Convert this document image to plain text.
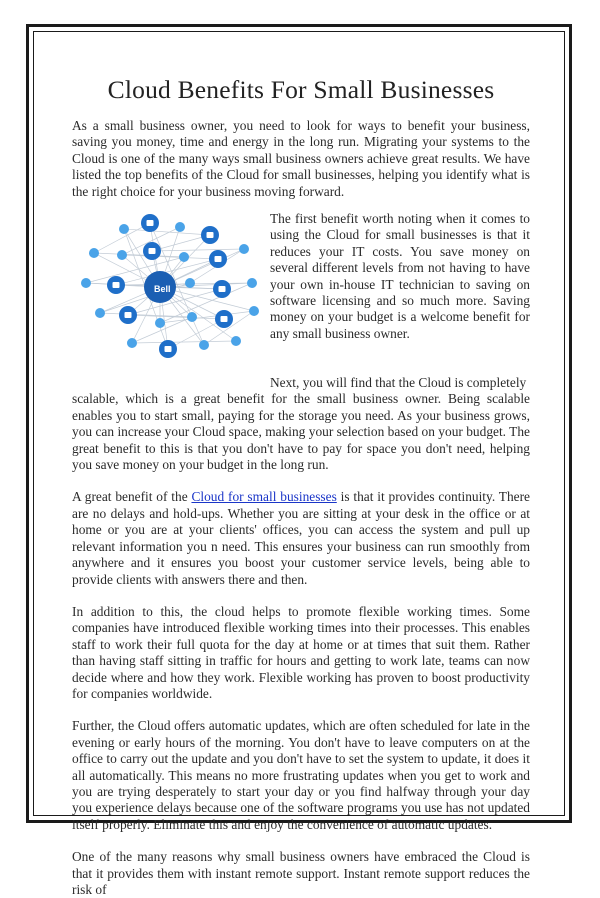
Cloud Benefits For Small Businesses

As a small business owner, you need to look for ways to benefit your business, saving you money, time and energy in the long run. Migrating your systems to the Cloud is one of the many ways small business owners achieve great results. We have listed the top benefits of the Cloud for small businesses, helping you identify what is the right choice for your business moving forward.

Bell

The first benefit worth noting when it comes to using the Cloud for small businesses is that it reduces your IT costs. You save money on several different levels from not having to have your own in-house IT technician to saving on software licensing and so much more. Saving money on your budget is a welcome benefit for any small business owner.

Next, you will find that the Cloud is completely
scalable, which is a great benefit for the small business owner. Being scalable enables you to start small, paying for the storage you need. As your business grows, you can increase your Cloud space, making your selection based on your budget. The great benefit to this is that you don't have to pay for space you don't need, helping you save money on your budget in the long run.

A great benefit of the Cloud for small businesses is that it provides continuity. There are no delays and hold-ups. Whether you are sitting at your desk in the office or at home or you are at your clients' offices, you can access the system and pull up relevant information you n need. This ensures your business can run smoothly from anywhere and it ensures you boost your customer service levels, being able to provide clients with answers there and then.

In addition to this, the cloud helps to promote flexible working times. Some companies have introduced flexible working times into their processes. This enables staff to work their full quota for the day at home or at times that suit them. Rather than having staff sitting in traffic for hours and getting to work late, teams can now decide where and how they work. Flexible working has proven to boost productivity for companies worldwide.

Further, the Cloud offers automatic updates, which are often scheduled for late in the evening or early hours of the morning. You don't have to leave computers on at the office to carry out the update and you don't have to set the system to update, it does it all automatically. This means no more frustrating updates when you get to work and you are trying desperately to start your day or you find halfway through your day you experience delays because one of the software programs you use has not updated itself properly. Eliminate this and enjoy the convenience of automatic updates.

One of the many reasons why small business owners have embraced the Cloud is that it provides them with instant remote support. Instant remote support reduces the risk of
